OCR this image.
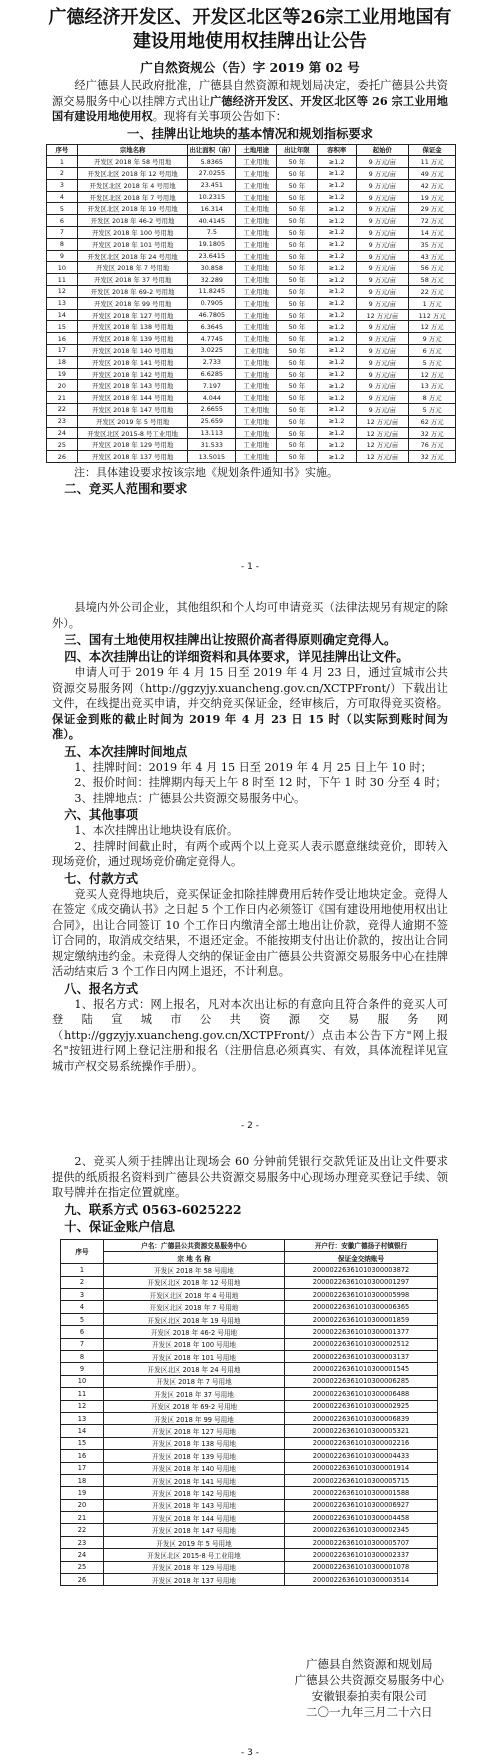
广德经济开发区、开发区北区等26宗工业用地国有建设用地使用权挂牌出让公告
广自然资规公（告）字 2019 第 02 号
经广德县人民政府批准，广德县自然资源和规划局决定，委托广德县公共资源交易服务中心以挂牌方式出让广德经济开发区、开发区北区等 26 宗工业用地国有建设用地使用权。现将有关事项公告如下：
一、挂牌出让地块的基本情况和规划指标要求
序号	宗地名称	出让面积（亩）	土地用途	出让年限	容积率	起始价	保证金
1	开发区 2018 年 58 号用地	5.8365	工业用地	50 年	≥1.2	9 万元/亩	11 万元
2	开发区北区 2018 年 12 号用地	27.0255	工业用地	50 年	≥1.2	9 万元/亩	49 万元
3	开发区北区 2018 年 4 号用地	23.451	工业用地	50 年	≥1.2	9 万元/亩	42 万元
4	开发区北区 2018 年 7 号用地	10.2315	工业用地	50 年	≥1.2	9 万元/亩	19 万元
5	开发区北区 2018 年 19 号用地	16.314	工业用地	50 年	≥1.2	9 万元/亩	29 万元
6	开发区 2018 年 46-2 号用地	40.4145	工业用地	50 年	≥1.2	9 万元/亩	72 万元
7	开发区 2018 年 100 号用地	7.5	工业用地	50 年	≥1.2	9 万元/亩	14 万元
8	开发区 2018 年 101 号用地	19.1805	工业用地	50 年	≥1.2	9 万元/亩	35 万元
9	开发区北区 2018 年 24 号用地	23.6415	工业用地	50 年	≥1.2	9 万元/亩	43 万元
10	开发区 2018 年 7 号用地	30.858	工业用地	50 年	≥1.2	9 万元/亩	56 万元
11	开发区 2018 年 37 号用地	32.289	工业用地	50 年	≥1.2	9 万元/亩	58 万元
12	开发区 2018 年 69-2 号用地	11.8245	工业用地	50 年	≥1.2	9 万元/亩	22 万元
13	开发区 2018 年 99 号用地	0.7905	工业用地	50 年	≥1.2	9 万元/亩	1 万元
14	开发区 2018 年 127 号用地	46.7805	工业用地	50 年	≥1.2	12 万元/亩	112 万元
15	开发区 2018 年 138 号用地	6.3645	工业用地	50 年	≥1.2	9 万元/亩	12 万元
16	开发区 2018 年 139 号用地	4.7745	工业用地	50 年	≥1.2	9 万元/亩	9 万元
17	开发区 2018 年 140 号用地	3.0225	工业用地	50 年	≥1.2	9 万元/亩	6 万元
18	开发区 2018 年 141 号用地	2.733	工业用地	50 年	≥1.2	9 万元/亩	5 万元
19	开发区 2018 年 142 号用地	6.6285	工业用地	50 年	≥1.2	9 万元/亩	12 万元
20	开发区 2018 年 143 号用地	7.197	工业用地	50 年	≥1.2	9 万元/亩	13 万元
21	开发区 2018 年 144 号用地	4.044	工业用地	50 年	≥1.2	9 万元/亩	8 万元
22	开发区 2018 年 147 号用地	2.6655	工业用地	50 年	≥1.2	9 万元/亩	5 万元
23	开发区 2019 年 5 号用地	25.659	工业用地	50 年	≥1.2	12 万元/亩	62 万元
24	开发区北区 2015-8 号工业用地	13.113	工业用地	50 年	≥1.2	12 万元/亩	32 万元
25	开发区 2018 年 129 号用地	31.533	工业用地	50 年	≥1.2	12 万元/亩	76 万元
26	开发区 2018 年 137 号用地	13.5015	工业用地	50 年	≥1.2	12 万元/亩	32 万元
注：具体建设要求按该宗地《规划条件通知书》实施。
二、竞买人范围和要求
- 1 -
县境内外公司企业，其他组织和个人均可申请竞买（法律法规另有规定的除外）。
三、国有土地使用权挂牌出让按照价高者得原则确定竞得人。
四、本次挂牌出让的详细资料和具体要求，详见挂牌出让文件。
申请人可于 2019 年 4 月 15 日至 2019 年 4 月 23 日，通过宣城市公共资源交易服务网（http://ggzyjy.xuancheng.gov.cn/XCTPFront/）下载出让文件，在线提出竞买申请，并交纳竞买保证金，经审核后，方可取得竞买资格。保证金到账的截止时间为 2019 年 4 月 23 日 15 时（以实际到账时间为准）。
五、本次挂牌时间地点
1、挂牌时间：2019 年 4 月 15 日至 2019 年 4 月 25 日上午 10 时；
2、报价时间：挂牌期内每天上午 8 时至 12 时，下午 1 时 30 分至 4 时；
3、挂牌地点：广德县公共资源交易服务中心。
六、其他事项
1、本次挂牌出让地块设有底价。
2、挂牌时间截止时，有两个或两个以上竞买人表示愿意继续竞价，即转入现场竞价，通过现场竞价确定竞得人。
七、付款方式
竞买人竞得地块后，竞买保证金扣除挂牌费用后转作受让地块定金。竞得人在签定《成交确认书》之日起 5 个工作日内必须签订《国有建设用地使用权出让合同》，出让合同签订 10 个工作日内缴清全部土地出让价款，竞得人逾期不签订合同的，取消成交结果，不退还定金。不能按期支付出让价款的，按出让合同规定缴纳违约金。未竞得人交纳的保证金由广德县公共资源交易服务中心在挂牌活动结束后 3 个工作日内网上退还，不计利息。
八、报名方式
1、报名方式：网上报名，凡对本次出让标的有意向且符合条件的竞买人可登陆宣城市公共资源交易服务网（http://ggzyjy.xuancheng.gov.cn/XCTPFront/）点击本公告下方"网上报名"按钮进行网上登记注册和报名（注册信息必须真实、有效，具体流程详见宣城市产权交易系统操作手册）。
- 2 -
2、竞买人须于挂牌出让现场会 60 分钟前凭银行交款凭证及出让文件要求提供的纸质报名资料到广德县公共资源交易服务中心现场办理竞买登记手续、领取号牌并在指定位置就座。
九、联系方式 0563-6025222
十、保证金账户信息
序号	户名：广德县公共资源交易服务中心	开户行：安徽广德扬子村镇银行
	宗 地 名 称	保证金交纳账号
1	开发区 2018 年 58 号用地	20000226361010300003872
2	开发区北区 2018 年 12 号用地	20000226361010300001297
3	开发区北区 2018 年 4 号用地	20000226361010300005998
4	开发区北区 2018 年 7 号用地	20000226361010300006365
5	开发区北区 2018 年 19 号用地	20000226361010300001859
6	开发区 2018 年 46-2 号用地	20000226361010300001377
7	开发区 2018 年 100 号用地	20000226361010300002512
8	开发区 2018 年 101 号用地	20000226361010300003137
9	开发区北区 2018 年 24 号用地	20000226361010300001545
10	开发区 2018 年 7 号用地	20000226361010300006285
11	开发区 2018 年 37 号用地	20000226361010300006488
12	开发区 2018 年 69-2 号用地	20000226361010300002925
13	开发区 2018 年 99 号用地	20000226361010300006839
14	开发区 2018 年 127 号用地	20000226361010300005321
15	开发区 2018 年 138 号用地	20000226361010300002216
16	开发区 2018 年 139 号用地	20000226361010300004433
17	开发区 2018 年 140 号用地	20000226361010300001914
18	开发区 2018 年 141 号用地	20000226361010300005715
19	开发区 2018 年 142 号用地	20000226361010300001588
20	开发区 2018 年 143 号用地	20000226361010300006927
21	开发区 2018 年 144 号用地	20000226361010300004458
22	开发区 2018 年 147 号用地	20000226361010300002345
23	开发区 2019 年 5 号用地	20000226361010300005707
24	开发区北区 2015-8 号工业用地	20000226361010300002337
25	开发区 2018 年 129 号用地	20000226361010300001078
26	开发区 2018 年 137 号用地	20000226361010300003514
广德县自然资源和规划局
广德县公共资源交易服务中心
安徽银泰拍卖有限公司
二〇一九年三月二十六日
- 3 -
